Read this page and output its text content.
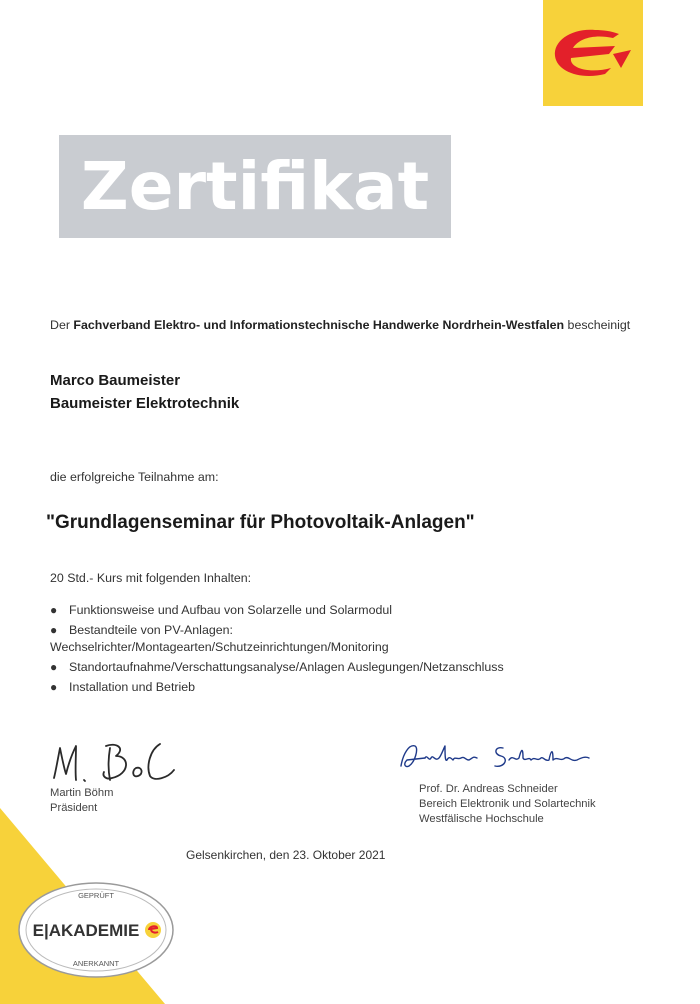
Zertifikat
Der Fachverband Elektro- und Informationstechnische Handwerke Nordrhein-Westfalen bescheinigt
Marco Baumeister
Baumeister Elektrotechnik
die erfolgreiche Teilnahme am:
"Grundlagenseminar für Photovoltaik-Anlagen"
20 Std.- Kurs mit folgenden Inhalten:
● Funktionsweise und Aufbau von Solarzelle und Solarmodul
● Bestandteile von PV-Anlagen:
Wechselrichter/Montagearten/Schutzeinrichtungen/Monitoring
● Standortaufnahme/Verschattungsanalyse/Anlagen Auslegungen/Netzanschluss
● Installation und Betrieb
Martin Böhm
Präsident
Prof. Dr. Andreas Schneider
Bereich Elektronik und Solartechnik
Westfälische Hochschule
Gelsenkirchen, den 23. Oktober 2021
GEPRÜFT
E|AKADEMIE
ANERKANNT
